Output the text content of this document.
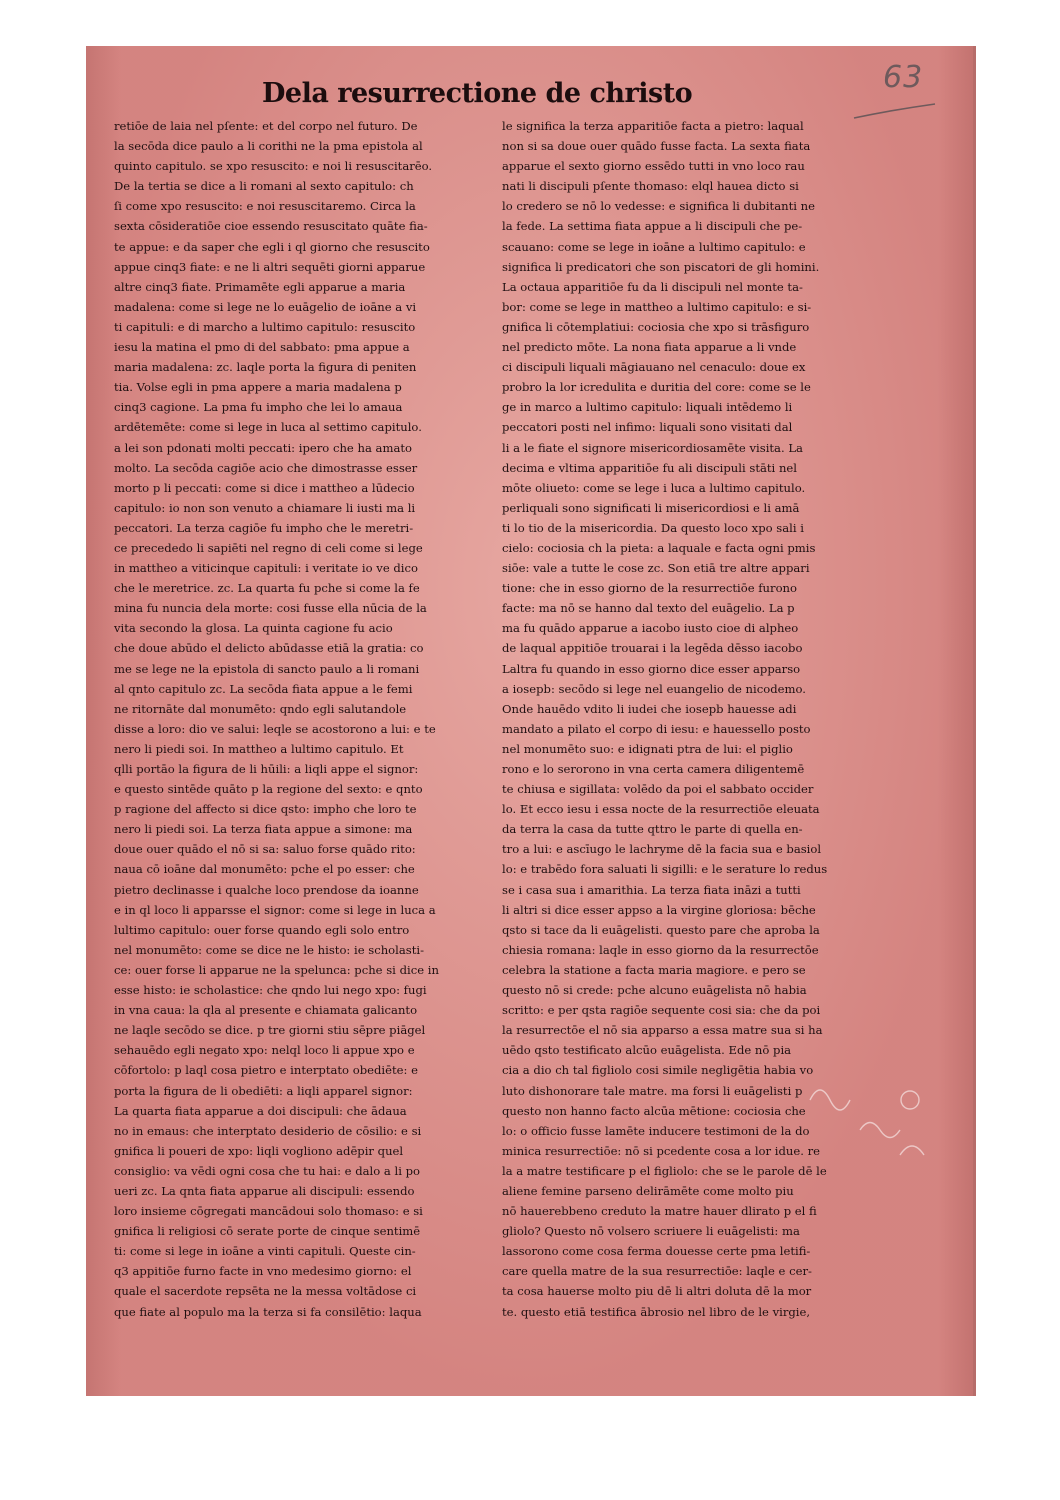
63
Dela resurrectione de christo
retiōe de laia nel pſente: et del corpo nel futuro. De
la secōda dice paulo a li corithi ne la pma epistola al
quinto capitulo. se xpo resuscito: e noi li resuscitarēo.
De la tertia se dice a li romani al sexto capitulo: ch
ſi come xpo resuscito: e noi resuscitaremo. Circa la
sexta cōsideratiōe cioe essendo resuscitato quāte fia-
te appue: e da saper che egli i ql giorno che resuscito
appue cinq3 fiate: e ne li altri sequēti giorni apparue
altre cinq3 fiate. Primamēte egli apparue a maria
madalena: come si lege ne lo euāgelio de ioāne a vi
ti capituli: e di marcho a lultimo capitulo: resuscito
iesu la matina el pmo di del sabbato: pma appue a
maria madalena: zc. laqle porta la figura di peniten
tia. Volse egli in pma appere a maria madalena p
cinq3 cagione. La pma fu impho che lei lo amaua
ardētemēte: come si lege in luca al settimo capitulo.
a lei son pdonati molti peccati: ipero che ha amato
molto. La secōda cagiōe acio che dimostrasse esser
morto p li peccati: come si dice i mattheo a lūdecio
capitulo: io non son venuto a chiamare li iusti ma li
peccatori. La terza cagiōe fu impho che le meretri-
ce precededo li sapiēti nel regno di celi come si lege
in mattheo a viticinque capituli: i veritate io ve dico
che le meretrice. zc. La quarta fu pche si come la fe
mina fu nuncia dela morte: cosi fusse ella nūcia de la
vita secondo la glosa. La quinta cagione fu acio
che doue abūdo el delicto abūdasse etiā la gratia: co
me se lege ne la epistola di sancto paulo a li romani
al qnto capitulo zc. La secōda fiata appue a le femi
ne ritornāte dal monumēto: qndo egli salutandole
disse a loro: dio ve salui: leqle se acostorono a lui: e te
nero li piedi soi. In mattheo a lultimo capitulo. Et
qlli portāo la figura de li hūili: a liqli appe el signor:
e questo sintēde quāto p la regione del sexto: e qnto
p ragione del affecto si dice qsto: impho che loro te
nero li piedi soi. La terza fiata appue a simone: ma
doue ouer quādo el nō si sa: saluo forse quādo rito:
naua cō ioāne dal monumēto: pche el po esser: che
pietro declinasse i qualche loco prendose da ioanne
e in ql loco li apparsse el signor: come si lege in luca a
lultimo capitulo: ouer forse quando egli solo entro
nel monumēto: come se dice ne le histo: ie scholasti-
ce: ouer forse li apparue ne la spelunca: pche si dice in
esse histo: ie scholastice: che qndo lui nego xpo: fugi
in vna caua: la qla al presente e chiamata galicanto
ne laqle secōdo se dice. p tre giorni stiu sēpre piāgel
sehauēdo egli negato xpo: nelql loco li appue xpo e
cōfortolo: p laql cosa pietro e interptato obediēte: e
porta la figura de li obediēti: a liqli apparel signor:
La quarta fiata apparue a doi discipuli: che ādaua
no in emaus: che interptato desiderio de cōsilio: e si
gnifica li poueri de xpo: liqli vogliono adēpir quel
consiglio: va vēdi ogni cosa che tu hai: e dalo a li po
ueri zc. La qnta fiata apparue ali discipuli: essendo
loro insieme cōgregati mancādoui solo thomaso: e si
gnifica li religiosi cō serate porte de cinque sentimē
ti: come si lege in ioāne a vinti capituli. Queste cin-
q3 appitiōe furno facte in vno medesimo giorno: el
quale el sacerdote repsēta ne la messa voltādose ci
que fiate al populo ma la terza si fa consilētio: laqua
le significa la terza apparitiōe facta a pietro: laqual
non si sa doue ouer quādo fusse facta. La sexta fiata
apparue el sexto giorno essēdo tutti in vno loco rau
nati li discipuli pſente thomaso: elql hauea dicto si
lo credero se nō lo vedesse: e significa li dubitanti ne
la fede. La settima fiata appue a li discipuli che pe-
scauano: come se lege in ioāne a lultimo capitulo: e
significa li predicatori che son piscatori de gli homini.
La octaua apparitiōe fu da li discipuli nel monte ta-
bor: come se lege in mattheo a lultimo capitulo: e si-
gnifica li cōtemplatiui: cociosia che xpo si trāsfiguro
nel predicto mōte. La nona fiata apparue a li vnde
ci discipuli liquali māgiauano nel cenaculo: doue ex
probro la lor icredulita e duritia del core: come se le
ge in marco a lultimo capitulo: liquali intēdemo li
peccatori posti nel infimo: liquali sono visitati dal
li a le fiate el signore misericordiosamēte visita. La
decima e vltima apparitiōe fu ali discipuli stāti nel
mōte oliueto: come se lege i luca a lultimo capitulo.
perliquali sono significati li misericordiosi e li amā
ti lo tio de la misericordia. Da questo loco xpo sali i
cielo: cociosia ch la pieta: a laquale e facta ogni pmis
siōe: vale a tutte le cose zc. Son etiā tre altre appari
tione: che in esso giorno de la resurrectiōe furono
facte: ma nō se hanno dal texto del euāgelio. La p
ma fu quādo apparue a iacobo iusto cioe di alpheo
de laqual appitiōe trouarai i la legēda dēsso iacobo
Laltra fu quando in esso giorno dice esser apparso
a iosepb: secōdo si lege nel euangelio de nicodemo.
Onde hauēdo vdito li iudei che iosepb hauesse adi
mandato a pilato el corpo di iesu: e hauessello posto
nel monumēto suo: e idignati ptra de lui: el piglio
rono e lo serorono in vna certa camera diligentemē
te chiusa e sigillata: volēdo da poi el sabbato occider
lo. Et ecco iesu i essa nocte de la resurrectiōe eleuata
da terra la casa da tutte qttro le parte di quella en-
tro a lui: e ascīugo le lachryme dē la facia sua e basiol
lo: e trabēdo fora saluati li sigilli: e le serature lo redus
se i casa sua i amarithia. La terza fiata ināzi a tutti
li altri si dice esser appso a la virgine gloriosa: bēche
qsto si tace da li euāgelisti. questo pare che aproba la
chiesia romana: laqle in esso giorno da la resurrectōe
celebra la statione a facta maria magiore. e pero se
questo nō si crede: pche alcuno euāgelista nō habia
scritto: e per qsta ragiōe sequente cosi sia: che da poi
la resurrectōe el nō sia apparso a essa matre sua si ha
uēdo qsto testificato alcūo euāgelista. Ede nō pia
cia a dio ch tal figliolo cosi simile negligētia habia vo
luto dishonorare tale matre. ma forsi li euāgelisti p
questo non hanno facto alcūa mētione: cociosia che
lo: o officio fusse lamēte inducere testimoni de la do
minica resurrectiōe: nō si pcedente cosa a lor idue. re
la a matre testificare p el figliolo: che se le parole dē le
aliene femine parseno delirāmēte come molto piu
nō hauerebbeno creduto la matre hauer dlirato p el fi
gliolo? Questo nō volsero scriuere li euāgelisti: ma
lassorono come cosa ferma douesse certe pma letifi-
care quella matre de la sua resurrectiōe: laqle e cer-
ta cosa hauerse molto piu dē li altri doluta dē la mor
te. questo etiā testifica ābrosio nel libro de le virgie,
